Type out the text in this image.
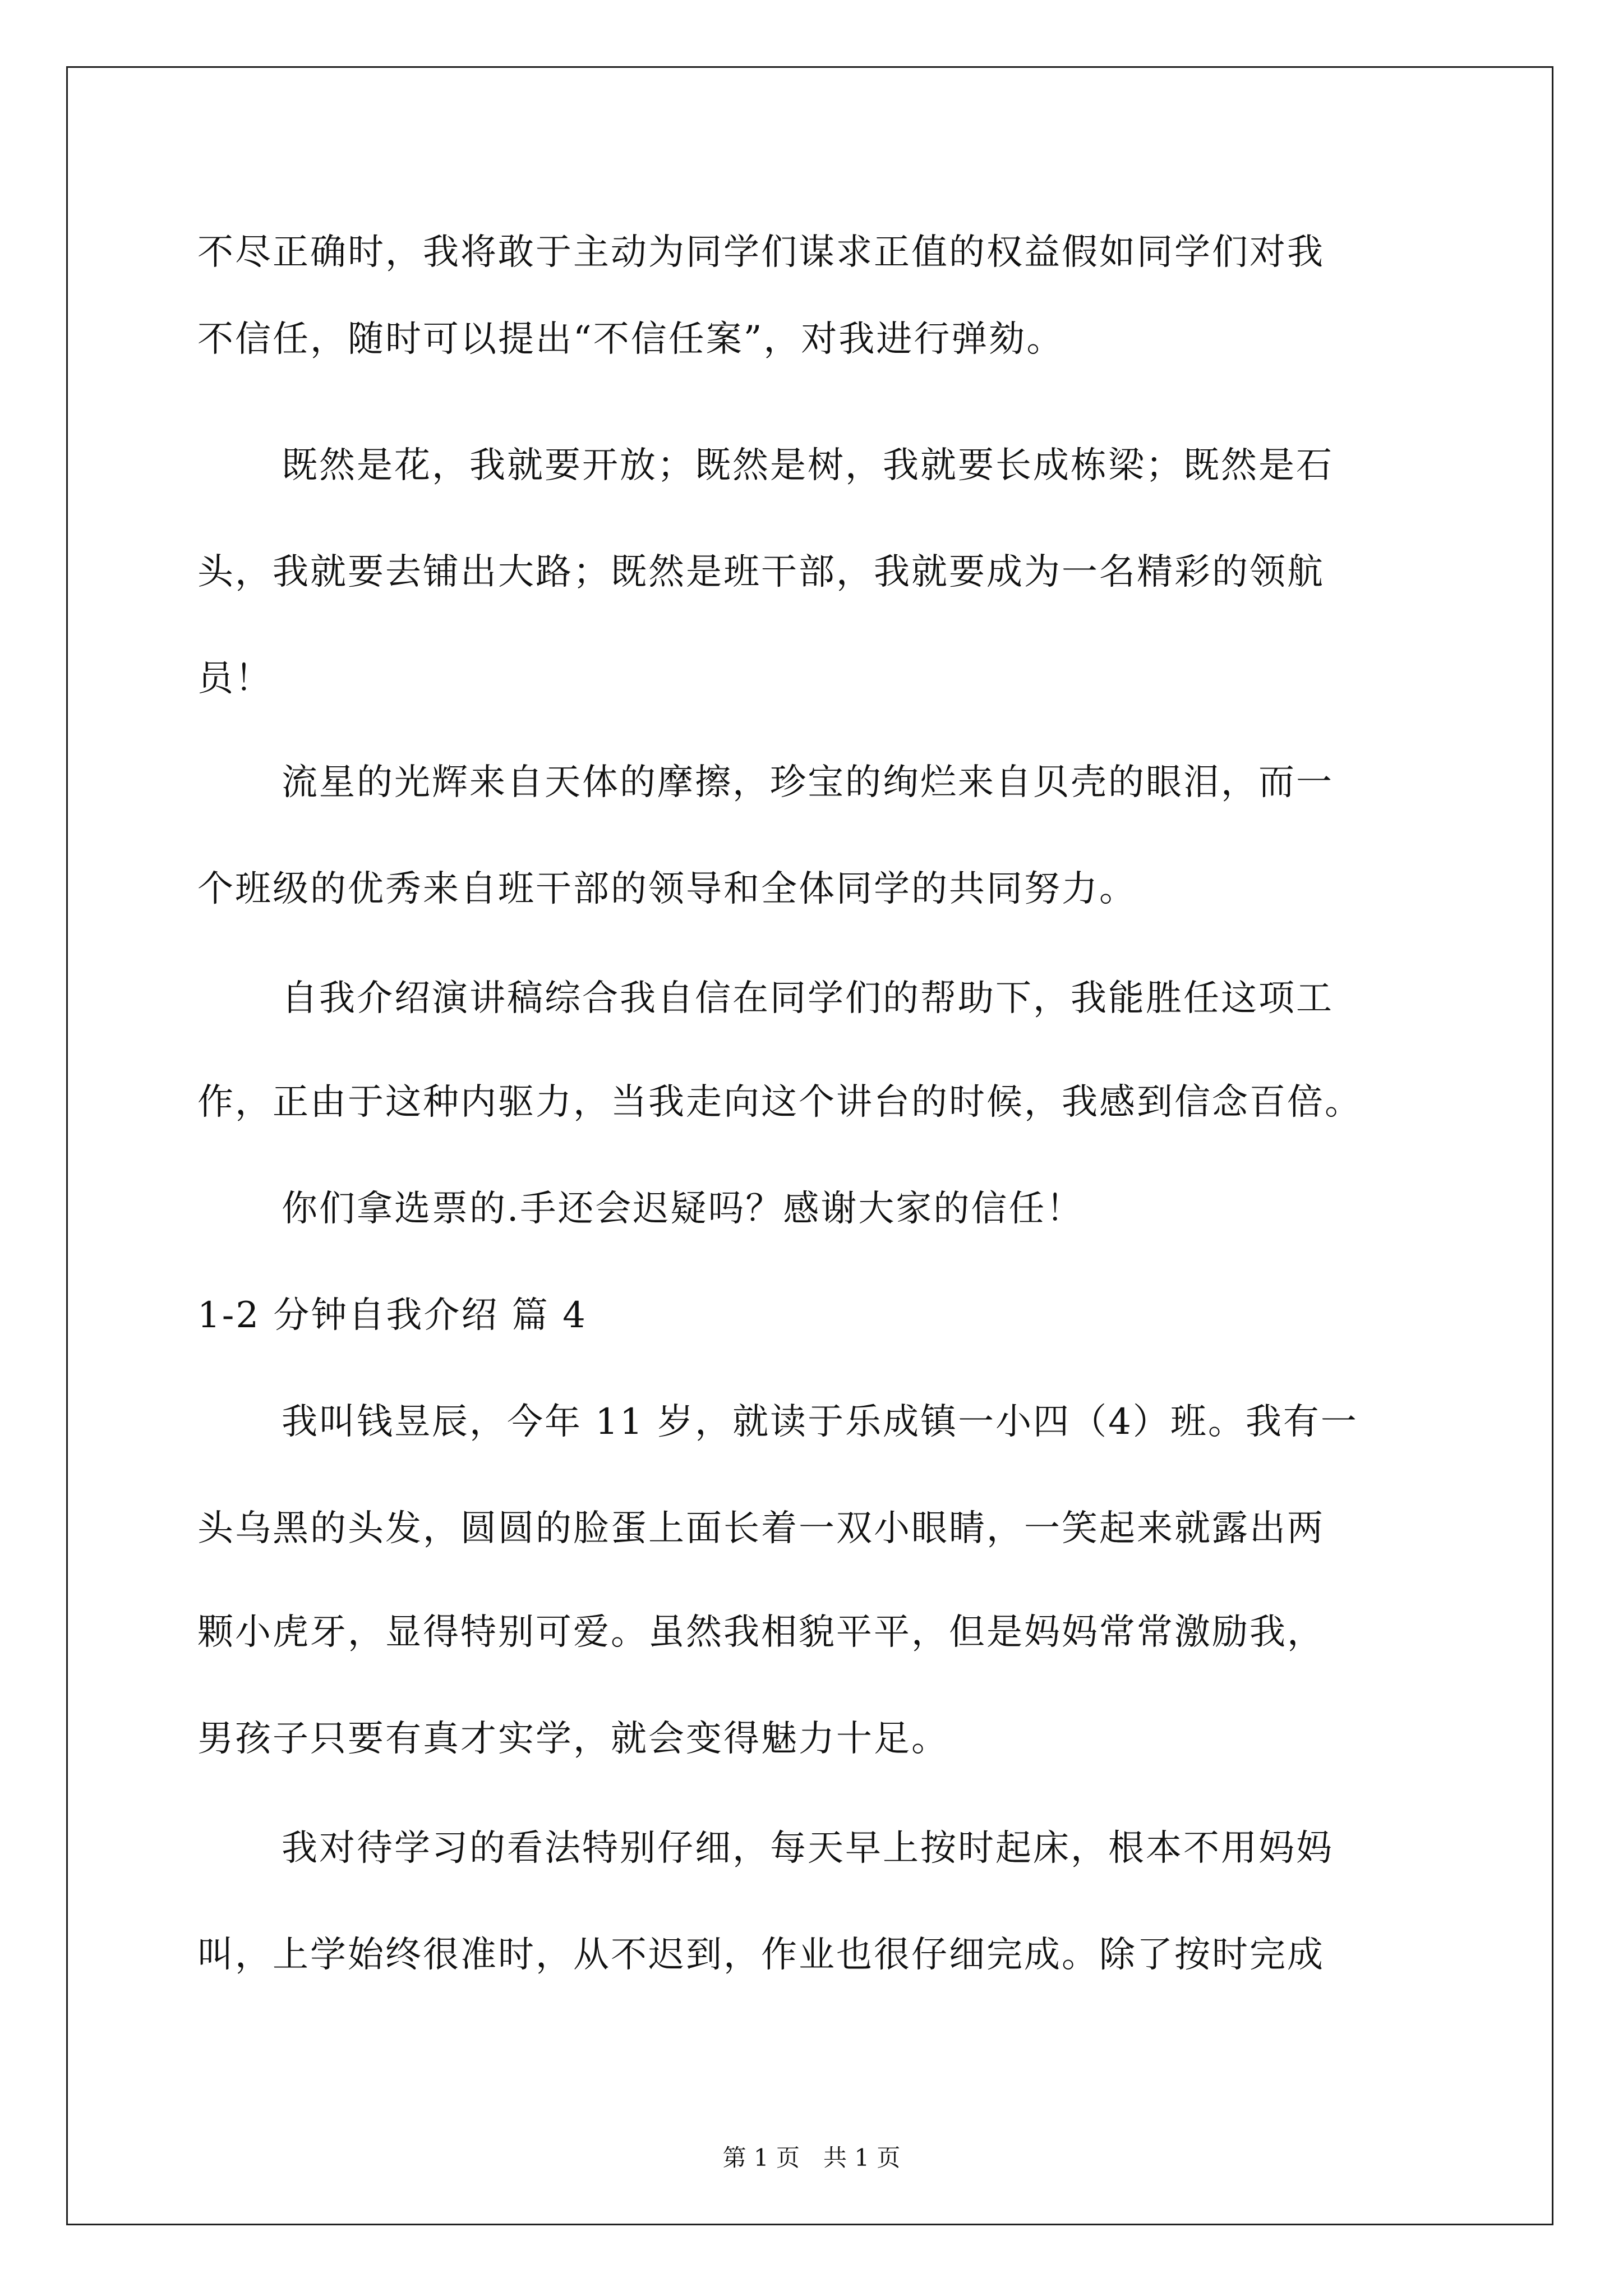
不尽正确时，我将敢于主动为同学们谋求正值的权益假如同学们对我
不信任，随时可以提出“不信任案”，对我进行弹劾。
既然是花，我就要开放；既然是树，我就要长成栋梁；既然是石
头，我就要去铺出大路；既然是班干部，我就要成为一名精彩的领航
员！
流星的光辉来自天体的摩擦，珍宝的绚烂来自贝壳的眼泪，而一
个班级的优秀来自班干部的领导和全体同学的共同努力。
自我介绍演讲稿综合我自信在同学们的帮助下，我能胜任这项工
作，正由于这种内驱力，当我走向这个讲台的时候，我感到信念百倍。
你们拿选票的.手还会迟疑吗？感谢大家的信任！
1-2 分钟自我介绍 篇 4
我叫钱昱辰，今年 11 岁，就读于乐成镇一小四（4）班。我有一
头乌黑的头发，圆圆的脸蛋上面长着一双小眼睛，一笑起来就露出两
颗小虎牙，显得特别可爱。虽然我相貌平平，但是妈妈常常激励我，
男孩子只要有真才实学，就会变得魅力十足。
我对待学习的看法特别仔细，每天早上按时起床，根本不用妈妈
叫，上学始终很准时，从不迟到，作业也很仔细完成。除了按时完成
第 1 页　共 1 页
